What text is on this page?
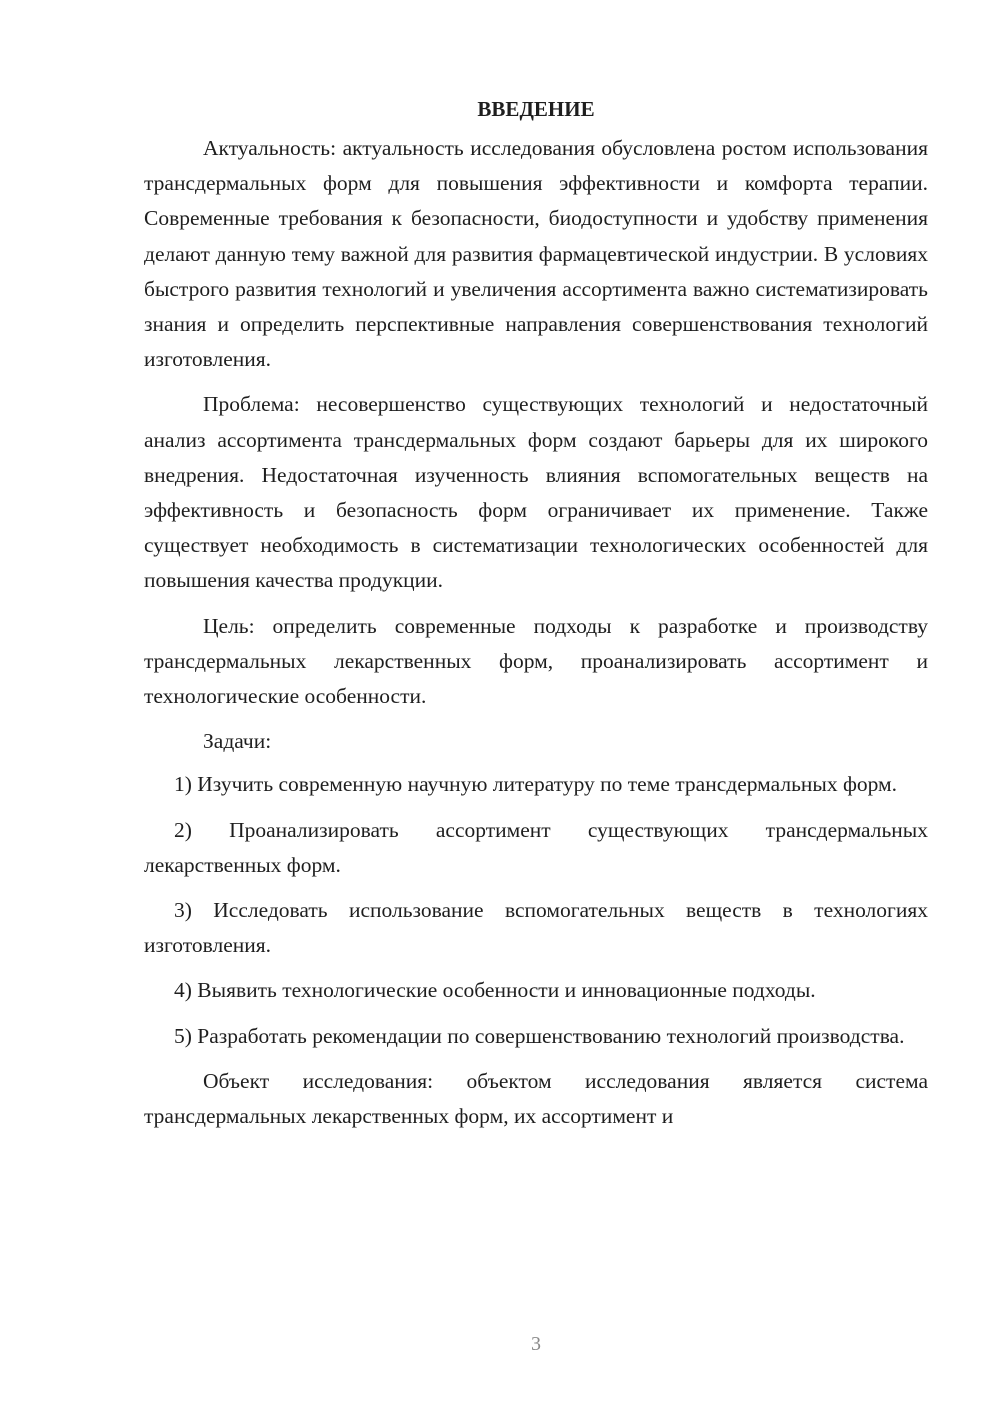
ВВЕДЕНИЕ

Актуальность: актуальность исследования обусловлена ростом использования трансдермальных форм для повышения эффективности и комфорта терапии. Современные требования к безопасности, биодоступности и удобству применения делают данную тему важной для развития фармацевтической индустрии. В условиях быстрого развития технологий и увеличения ассортимента важно систематизировать знания и определить перспективные направления совершенствования технологий изготовления.

Проблема: несовершенство существующих технологий и недостаточный анализ ассортимента трансдермальных форм создают барьеры для их широкого внедрения. Недостаточная изученность влияния вспомогательных веществ на эффективность и безопасность форм ограничивает их применение. Также существует необходимость в систематизации технологических особенностей для повышения качества продукции.

Цель: определить современные подходы к разработке и производству трансдермальных лекарственных форм, проанализировать ассортимент и технологические особенности.

Задачи:

1) Изучить современную научную литературу по теме трансдермальных форм.

2) Проанализировать ассортимент существующих трансдермальных лекарственных форм.

3) Исследовать использование вспомогательных веществ в технологиях изготовления.

4) Выявить технологические особенности и инновационные подходы.

5) Разработать рекомендации по совершенствованию технологий производства.

Объект исследования: объектом исследования является система трансдермальных лекарственных форм, их ассортимент и

3
